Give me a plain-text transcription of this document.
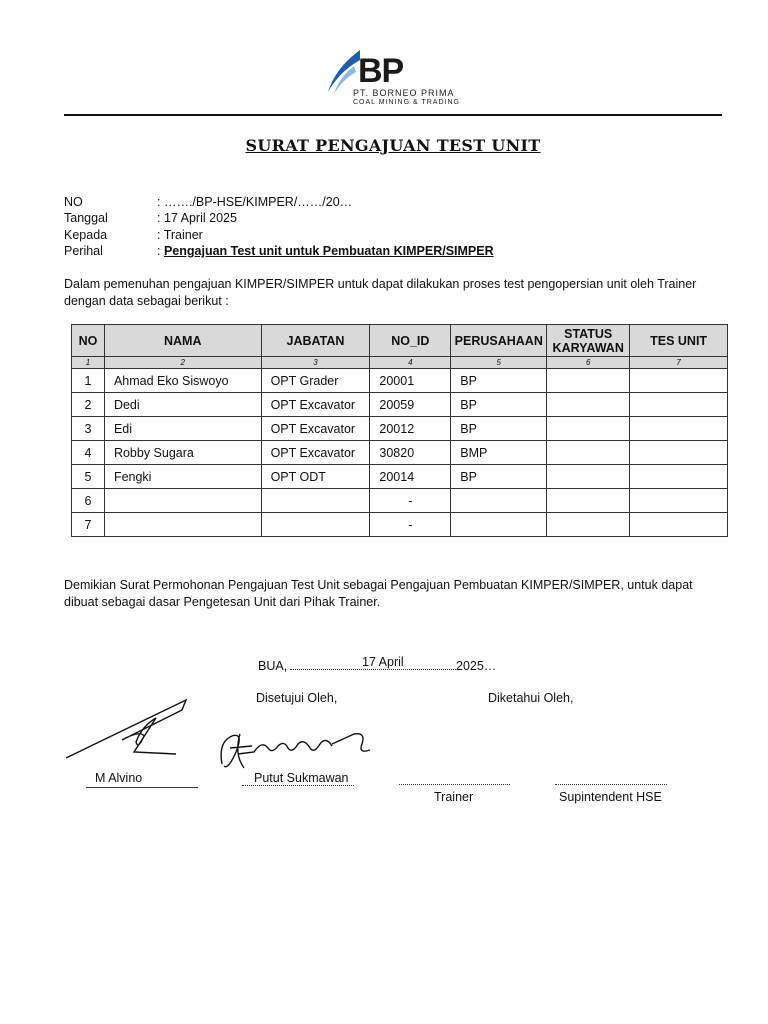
BP
PT. BORNEO PRIMA
COAL MINING & TRADING
SURAT PENGAJUAN TEST UNIT
NO	: ……./BP-HSE/KIMPER/……/20…
Tanggal	: 17 April 2025
Kepada	: Trainer
Perihal	: Pengajuan Test unit untuk Pembuatan KIMPER/SIMPER
Dalam pemenuhan pengajuan KIMPER/SIMPER untuk dapat dilakukan proses test pengopersian unit oleh Trainer
dengan data sebagai berikut :
NO	NAMA	JABATAN	NO_ID	PERUSAHAAN	STATUS
KARYAWAN	TES UNIT
1	2	3	4	5	6	7
1	Ahmad Eko Siswoyo	OPT Grader	20001	BP		
2	Dedi	OPT Excavator	20059	BP		
3	Edi	OPT Excavator	20012	BP		
4	Robby Sugara	OPT Excavator	30820	BMP		
5	Fengki	OPT ODT	20014	BP		
6			-			
7			-			
Demikian Surat Permohonan Pengajuan Test Unit sebagai Pengajuan Pembuatan KIMPER/SIMPER, untuk dapat
dibuat sebagai dasar Pengetesan Unit dari Pihak Trainer.
BUA,	17 April	2025…
Disetujui Oleh,	Diketahui Oleh,
M Alvino	Putut Sukmawan
Trainer	Supintendent HSE
